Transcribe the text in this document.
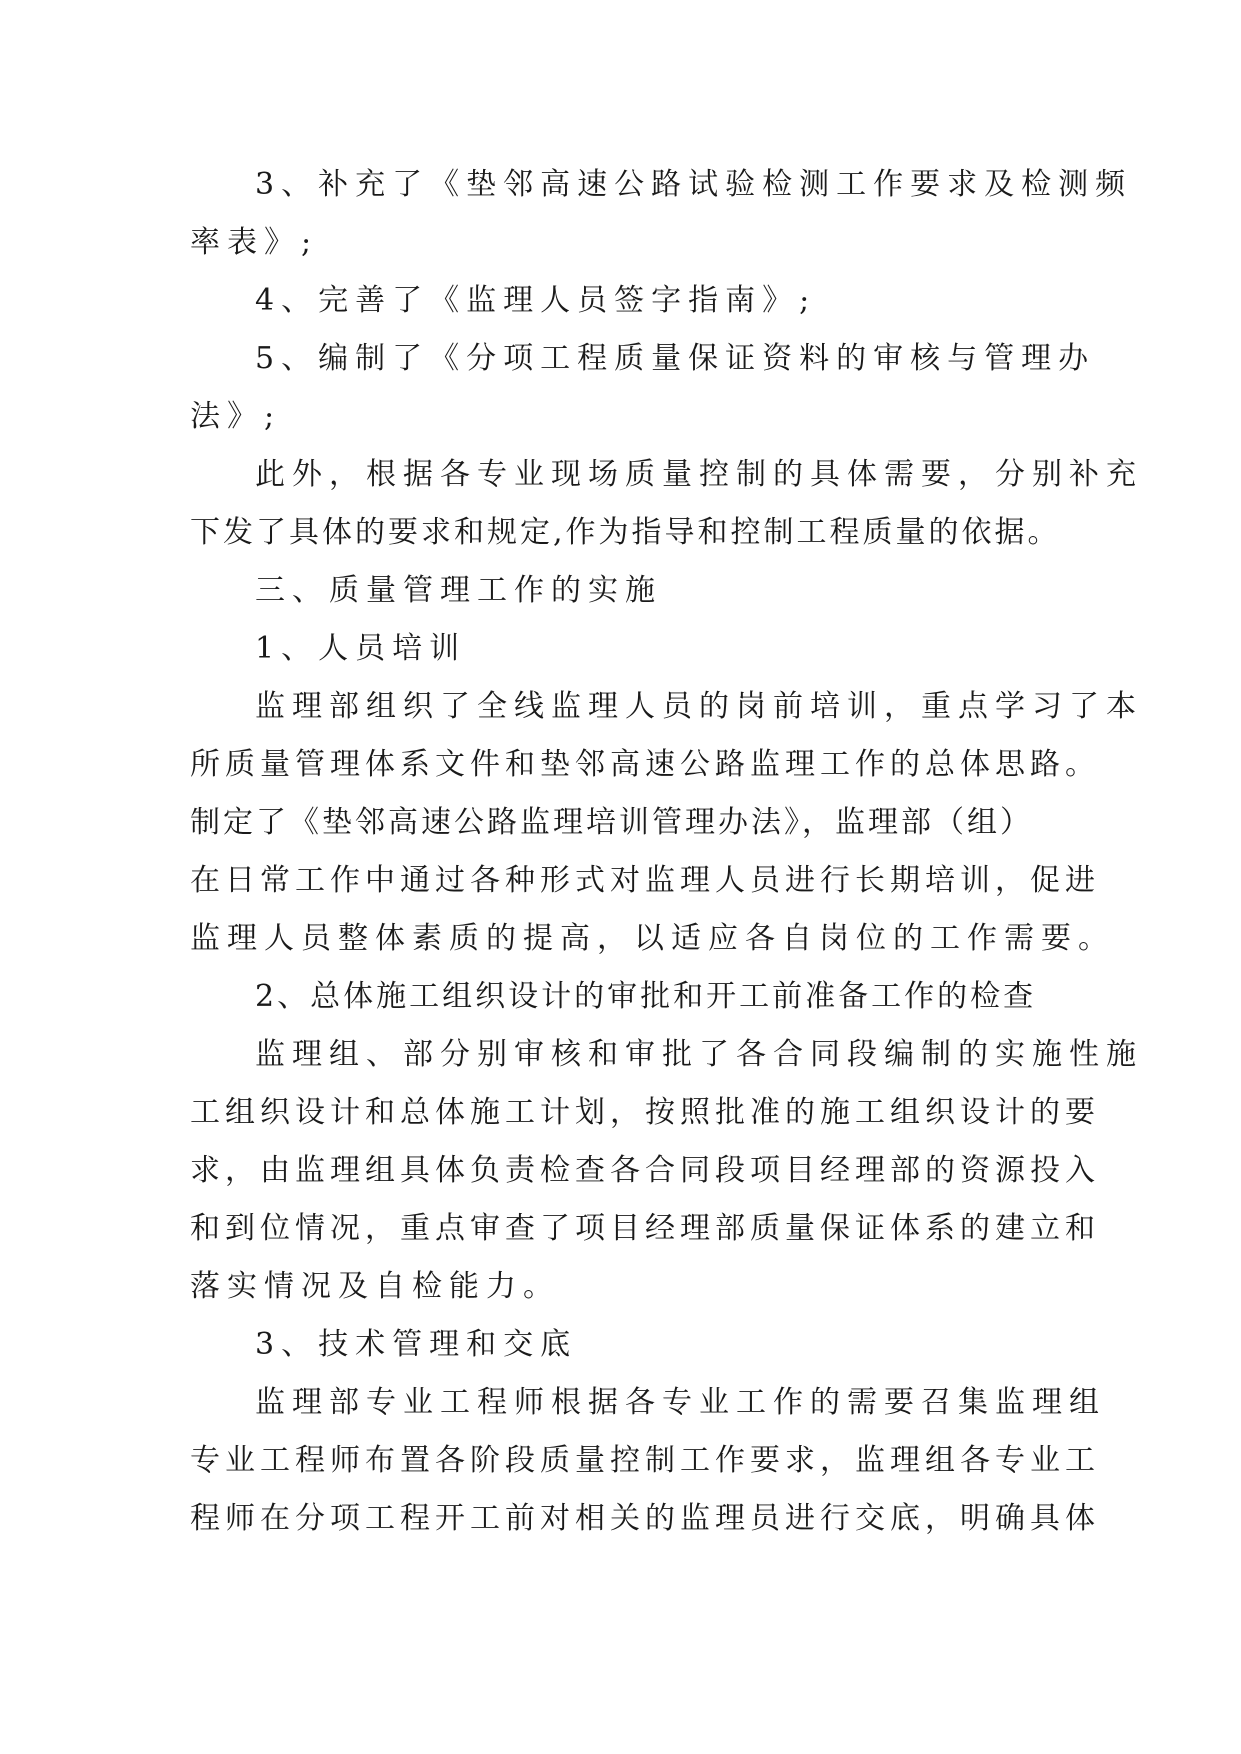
3、补充了《垫邻高速公路试验检测工作要求及检测频
率表》;
4、完善了《监理人员签字指南》;
5、编制了《分项工程质量保证资料的审核与管理办
法》;
此外，根据各专业现场质量控制的具体需要，分别补充
下发了具体的要求和规定,作为指导和控制工程质量的依据。
三、质量管理工作的实施
1、人员培训
监理部组织了全线监理人员的岗前培训，重点学习了本
所质量管理体系文件和垫邻高速公路监理工作的总体思路。
制定了《垫邻高速公路监理培训管理办法》，监理部（组）
在日常工作中通过各种形式对监理人员进行长期培训，促进
监理人员整体素质的提高，以适应各自岗位的工作需要。
2、总体施工组织设计的审批和开工前准备工作的检查
监理组、部分别审核和审批了各合同段编制的实施性施
工组织设计和总体施工计划，按照批准的施工组织设计的要
求，由监理组具体负责检查各合同段项目经理部的资源投入
和到位情况，重点审查了项目经理部质量保证体系的建立和
落实情况及自检能力。
3、技术管理和交底
监理部专业工程师根据各专业工作的需要召集监理组
专业工程师布置各阶段质量控制工作要求，监理组各专业工
程师在分项工程开工前对相关的监理员进行交底，明确具体
